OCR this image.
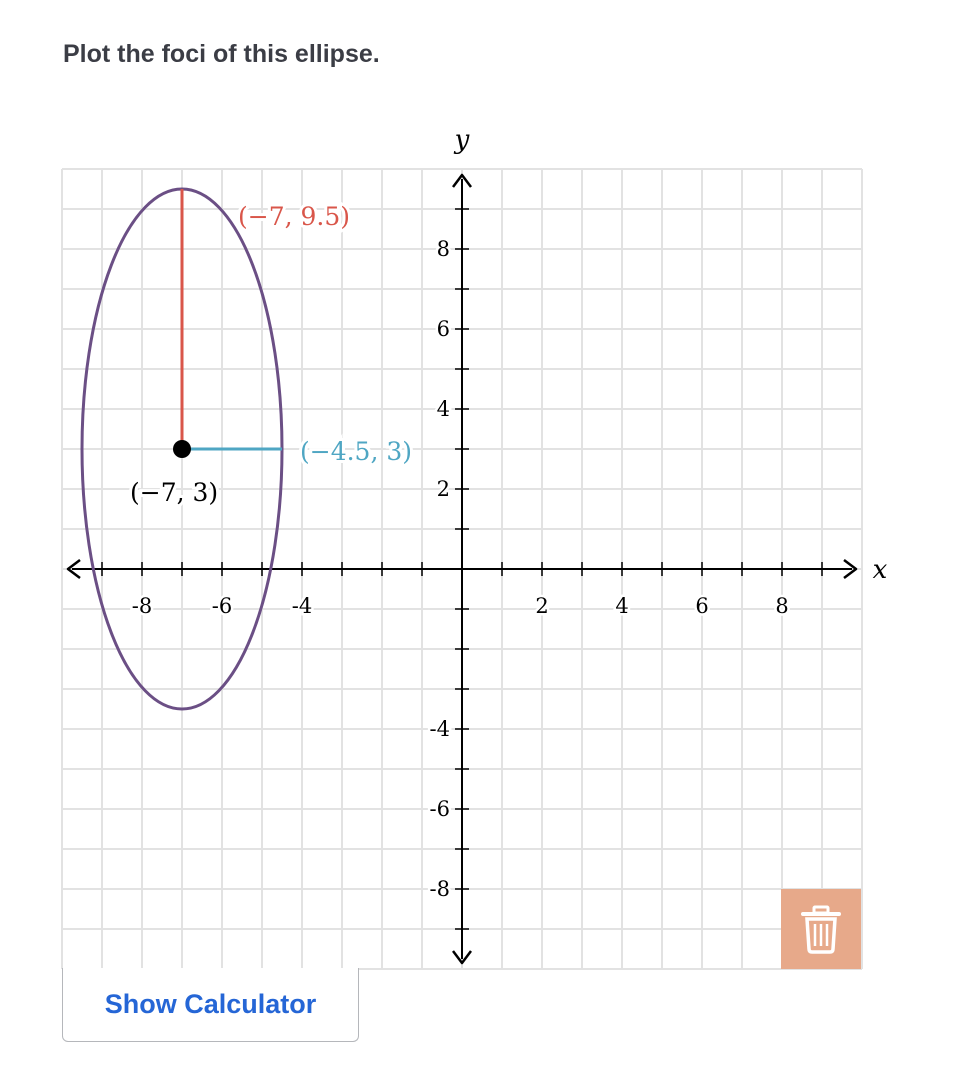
Plot the foci of this ellipse.
-8	-6	-4	2	4	6	8
8
6
4
2
-4
-6
-8
x
y
(−7, 9.5)
(−4.5, 3)
(−7, 3)
Show Calculator
